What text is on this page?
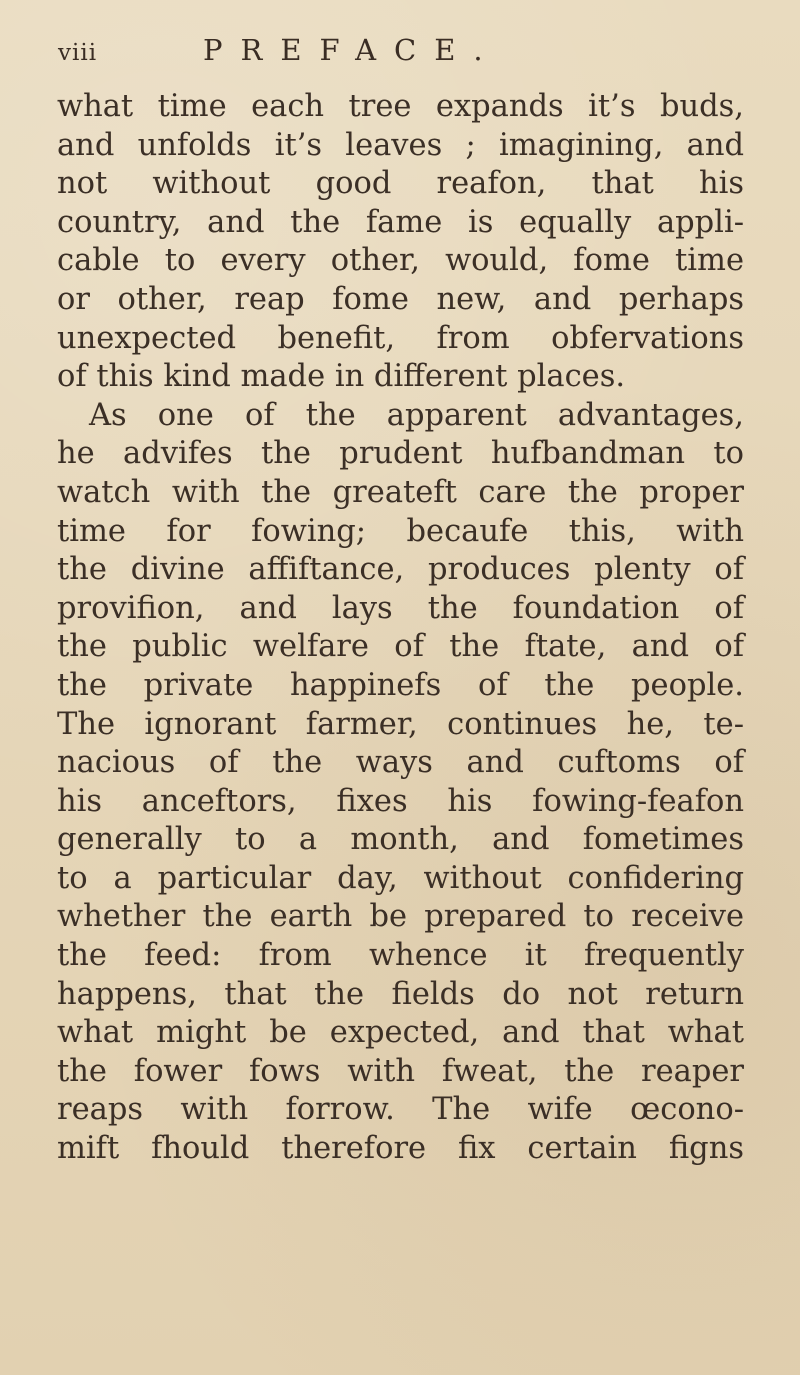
viii	PREFACE.
what time each tree expands it’s buds,
and unfolds it’s leaves ; imagining, and
not without good reafon, that his
country, and the fame is equally appli-
cable to every other, would, fome time
or other, reap fome new, and perhaps
unexpected benefit, from obfervations
of this kind made in different places.
As one of the apparent advantages,
he advifes the prudent hufbandman to
watch with the greateft care the proper
time for fowing; becaufe this, with
the divine affiftance, produces plenty of
provifion, and lays the foundation of
the public welfare of the ftate, and of
the private happinefs of the people.
The ignorant farmer, continues he, te-
nacious of the ways and cuftoms of
his anceftors, fixes his fowing-feafon
generally to a month, and fometimes
to a particular day, without confidering
whether the earth be prepared to receive
the feed: from whence it frequently
happens, that the fields do not return
what might be expected, and that what
the fower fows with fweat, the reaper
reaps with forrow. The wife œcono-
mift fhould therefore fix certain figns
